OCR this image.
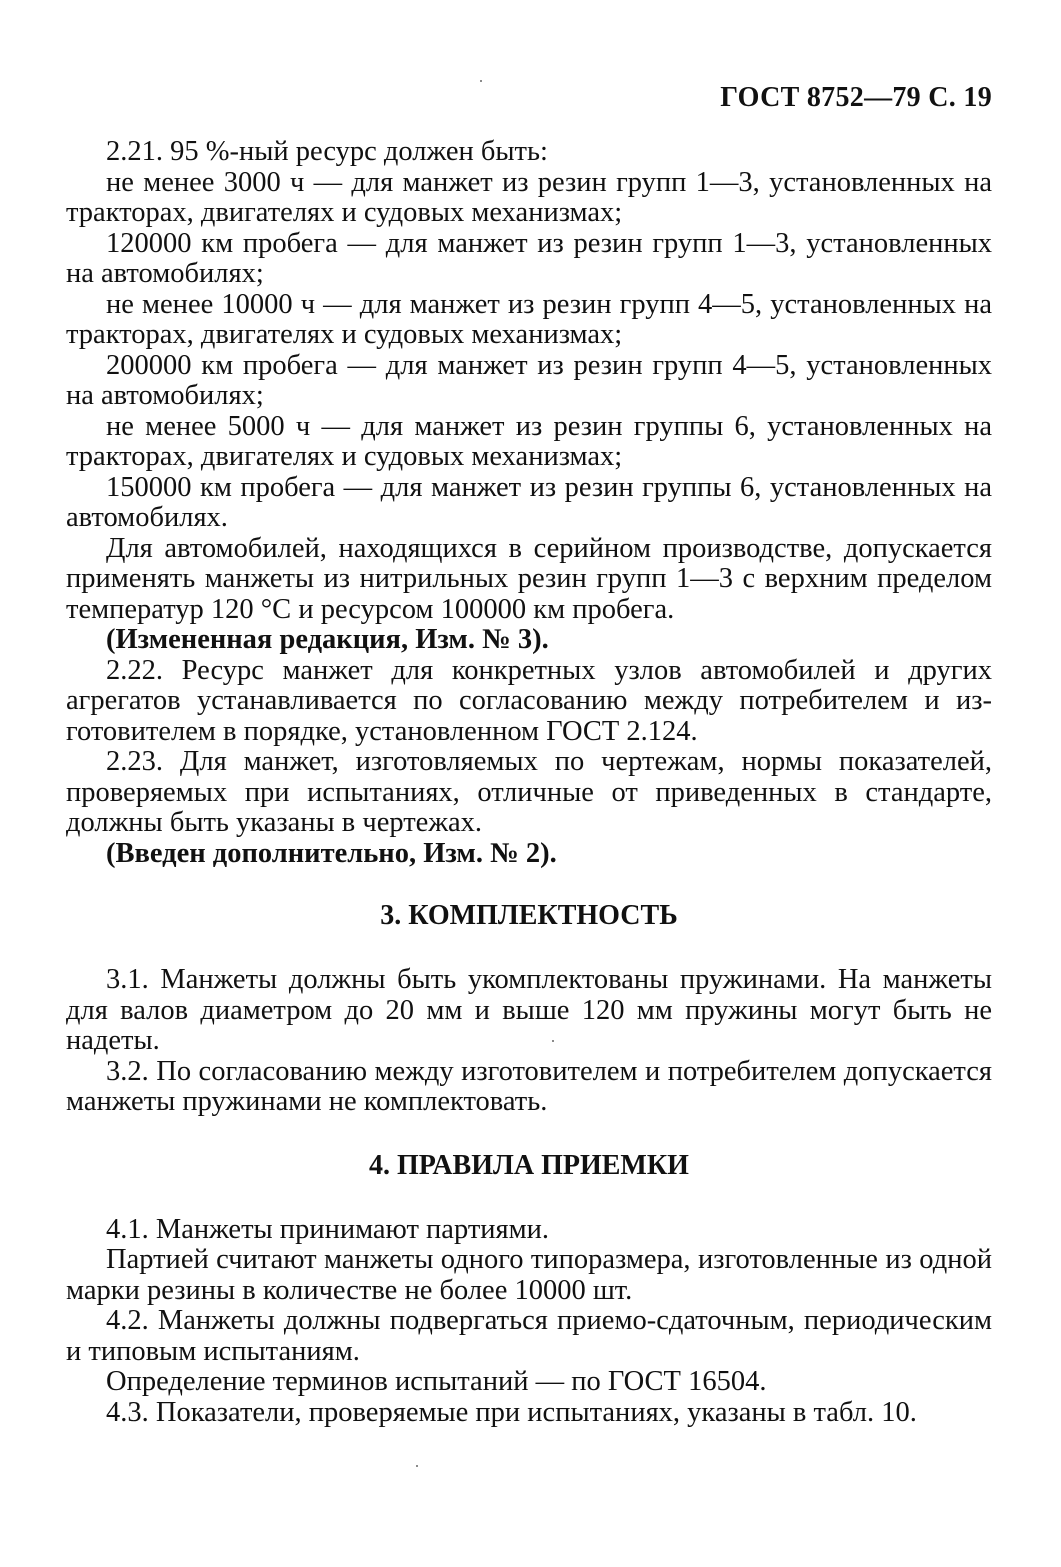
ГОСТ 8752—79 С. 19

2.21. 95 %-ный ресурс должен быть:

не менее 3000 ч — для манжет из резин групп 1—3, установленных на тракторах, двигателях и судовых механизмах;

120000 км пробега — для манжет из резин групп 1—3, установленных на автомобилях;

не менее 10000 ч — для манжет из резин групп 4—5, установленных на тракторах, двигателях и судовых механизмах;

200000 км пробега — для манжет из резин групп 4—5, установленных на автомобилях;

не менее 5000 ч — для манжет из резин группы 6, установленных на тракторах, двигателях и судовых механизмах;

150000 км пробега — для манжет из резин группы 6, установленных на автомобилях.

Для автомобилей, находящихся в серийном производстве, допускается применять манжеты из нитрильных резин групп 1—3 с верхним пределом температур 120 °С и ресурсом 100000 км пробега.

(Измененная редакция, Изм. № 3).

2.22. Ресурс манжет для конкретных узлов автомобилей и других агрегатов устанавливается по согласованию между потребителем и изготовителем в порядке, установленном ГОСТ 2.124.

2.23. Для манжет, изготовляемых по чертежам, нормы показателей, проверяемых при испытаниях, отличные от приведенных в стандарте, должны быть указаны в чертежах.

(Введен дополнительно, Изм. № 2).

3. КОМПЛЕКТНОСТЬ

3.1. Манжеты должны быть укомплектованы пружинами. На манжеты для валов диаметром до 20 мм и выше 120 мм пружины могут быть не надеты.

3.2. По согласованию между изготовителем и потребителем допускается манжеты пружинами не комплектовать.

4. ПРАВИЛА ПРИЕМКИ

4.1. Манжеты принимают партиями.

Партией считают манжеты одного типоразмера, изготовленные из одной марки резины в количестве не более 10000 шт.

4.2. Манжеты должны подвергаться приемо-сдаточным, периодическим и типовым испытаниям.

Определение терминов испытаний — по ГОСТ 16504.

4.3. Показатели, проверяемые при испытаниях, указаны в табл. 10.
